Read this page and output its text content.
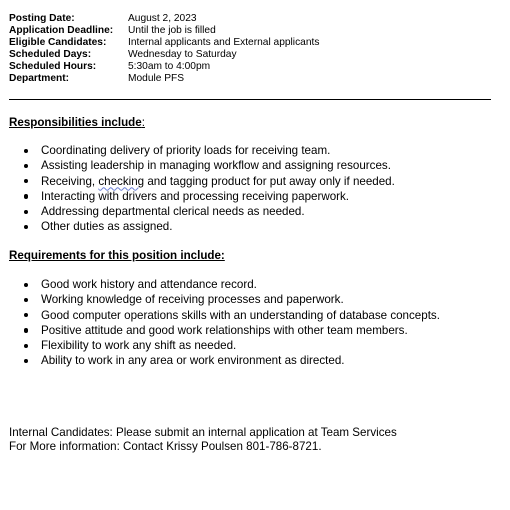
Posting Date:	August 2, 2023
Application Deadline:	Until the job is filled
Eligible Candidates:	Internal applicants and External applicants
Scheduled Days:	Wednesday to Saturday
Scheduled Hours:	5:30am to 4:00pm
Department:	Module PFS
Responsibilities include:
Coordinating delivery of priority loads for receiving team.
Assisting leadership in managing workflow and assigning resources.
Receiving, checking and tagging product for put away only if needed.
Interacting with drivers and processing receiving paperwork.
Addressing departmental clerical needs as needed.
Other duties as assigned.
Requirements for this position include:
Good work history and attendance record.
Working knowledge of receiving processes and paperwork.
Good computer operations skills with an understanding of database concepts.
Positive attitude and good work relationships with other team members.
Flexibility to work any shift as needed.
Ability to work in any area or work environment as directed.
Internal Candidates: Please submit an internal application at Team Services
For More information: Contact Krissy Poulsen 801-786-8721.
